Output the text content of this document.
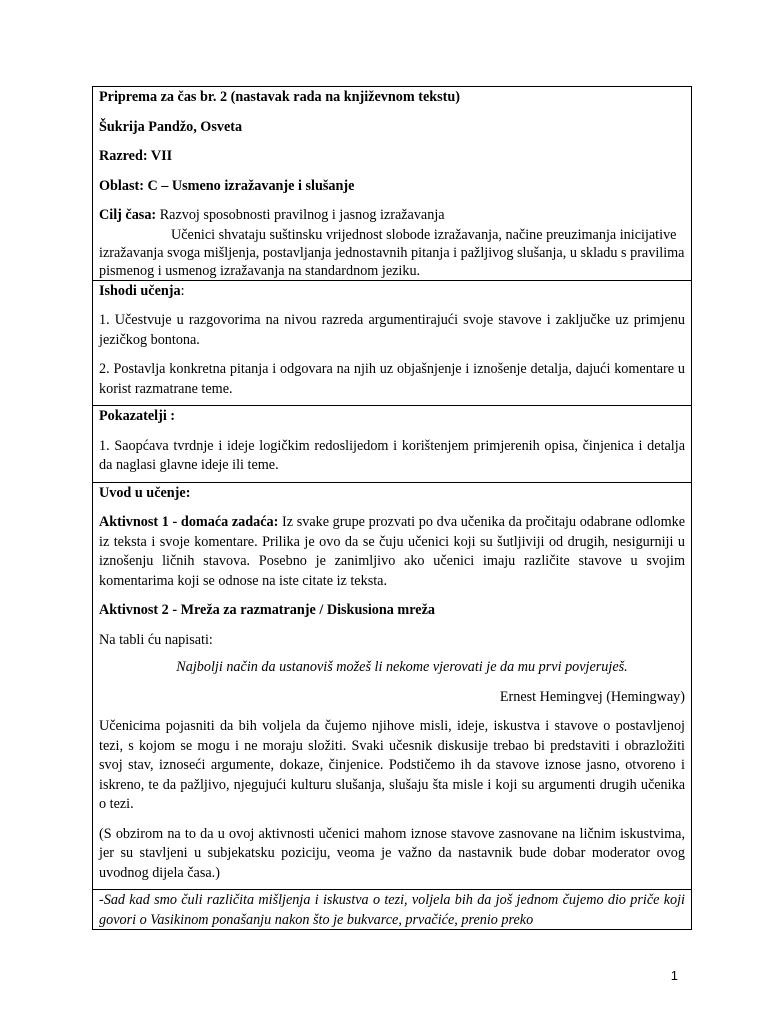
Priprema za čas br. 2 (nastavak rada na književnom tekstu)

Šukrija Pandžo, Osveta

Razred: VII

Oblast: C – Usmeno izražavanje i slušanje

Cilj časa: Razvoj sposobnosti pravilnog i jasnog izražavanja

Učenici shvataju suštinsku vrijednost slobode izražavanja, načine preuzimanja inicijative izražavanja svoga mišljenja, postavljanja jednostavnih pitanja i pažljivog slušanja, u skladu s pravilima pismenog i usmenog izražavanja na standardnom jeziku.

Ishodi učenja:

1. Učestvuje u razgovorima na nivou razreda argumentirajući svoje stavove i zaključke uz primjenu jezičkog bontona.

2. Postavlja konkretna pitanja i odgovara na njih uz objašnjenje i iznošenje detalja, dajući komentare u korist razmatrane teme.

Pokazatelji :

1. Saopćava tvrdnje i ideje logičkim redoslijedom i korištenjem primjerenih opisa, činjenica i detalja da naglasi glavne ideje ili teme.

Uvod u učenje:

Aktivnost 1 - domaća zadaća: Iz svake grupe prozvati po dva učenika da pročitaju odabrane odlomke iz teksta i svoje komentare. Prilika je ovo da se čuju učenici koji su šutljiviji od drugih, nesigurniji u iznošenju ličnih stavova. Posebno je zanimljivo ako učenici imaju različite stavove u svojim komentarima koji se odnose na iste citate iz teksta.

Aktivnost 2 - Mreža za razmatranje / Diskusiona mreža

Na tabli ću napisati:

Najbolji način da ustanoviš možeš li nekome vjerovati je da mu prvi povjeruješ.

Ernest Hemingvej (Hemingway)

Učenicima pojasniti da bih voljela da čujemo njihove misli, ideje, iskustva i stavove o postavljenoj tezi, s kojom se mogu i ne moraju složiti. Svaki učesnik diskusije trebao bi predstaviti i obrazložiti svoj stav, iznoseći argumente, dokaze, činjenice. Podstičemo ih da stavove iznose jasno, otvoreno i iskreno, te da pažljivo, njegujući kulturu slušanja, slušaju šta misle i koji su argumenti drugih učenika o tezi.

(S obzirom na to da u ovoj aktivnosti učenici mahom iznose stavove zasnovane na ličnim iskustvima, jer su stavljeni u subjekatsku poziciju, veoma je važno da nastavnik bude dobar moderator ovog uvodnog dijela časa.)

-Sad kad smo čuli različita mišljenja i iskustva o tezi, voljela bih da još jednom čujemo dio priče koji govori o Vasikinom ponašanju nakon što je bukvarce, prvačiće, prenio preko

1
